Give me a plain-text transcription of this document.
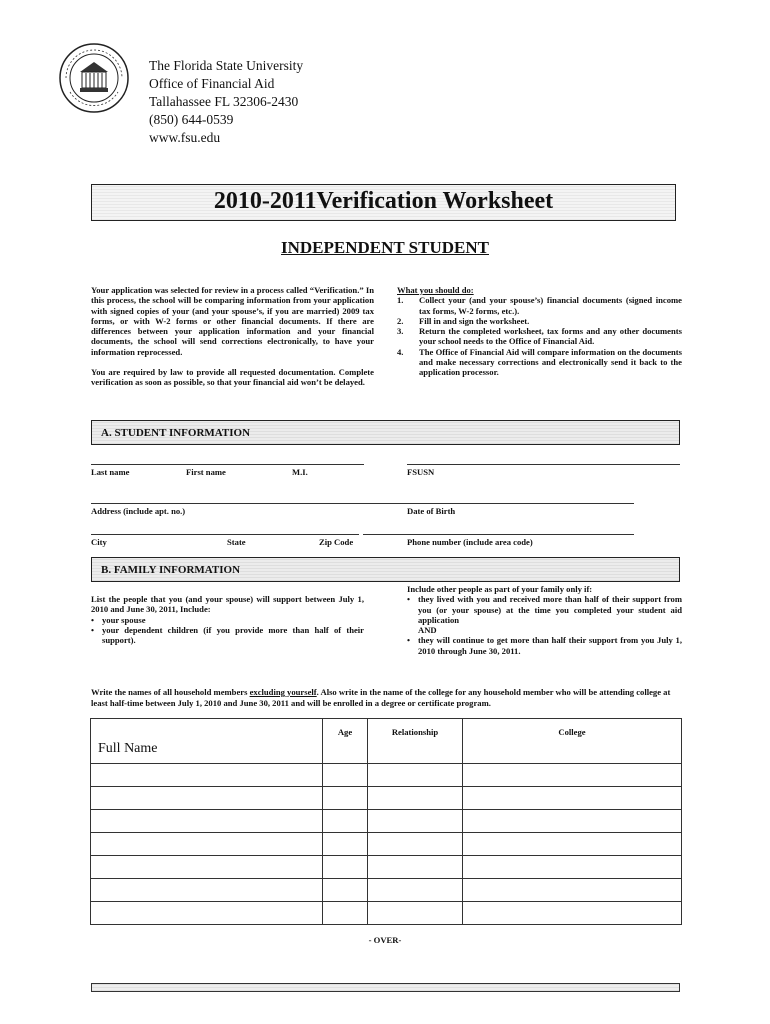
The Florida State University
Office of Financial Aid
Tallahassee FL 32306-2430
(850) 644-0539
www.fsu.edu
2010-2011Verification Worksheet
INDEPENDENT STUDENT

Your application was selected for review in a process called “Verification.” In this process, the school will be comparing information from your application with signed copies of your (and your spouse’s, if you are married) 2009 tax forms, or with W-2 forms or other financial documents. If there are differences between your application information and your financial documents, the school will send corrections electronically, to have your information reprocessed.

You are required by law to provide all requested documentation. Complete verification as soon as possible, so that your financial aid won’t be delayed.

What you should do:
1.	Collect your (and your spouse’s) financial documents (signed income tax forms, W-2 forms, etc.).
2.	Fill in and sign the worksheet.
3.	Return the completed worksheet, tax forms and any other documents your school needs to the Office of Financial Aid.
4.	The Office of Financial Aid will compare information on the documents and make necessary corrections and electronically send it back to the application processor.
A. STUDENT INFORMATION
Last name	First name	M.I.	FSUSN
Address (include apt. no.)	Date of Birth
City	State	Zip Code	Phone number (include area code)
B. FAMILY INFORMATION
List the people that you (and your spouse) will support between July 1, 2010 and June 30, 2011, Include:
• your spouse
• your dependent children (if you provide more than half of their support).
Include other people as part of your family only if:
• they lived with you and received more than half of their support from you (or your spouse) at the time you completed your student aid application
AND
• they will continue to get more than half their support from you July 1, 2010 through June 30, 2011.
Write the names of all household members excluding yourself. Also write in the name of the college for any household member who will be attending college at least half-time between July 1, 2010 and June 30, 2011 and will be enrolled in a degree or certificate program.
Full Name	Age	Relationship	College

- OVER-
